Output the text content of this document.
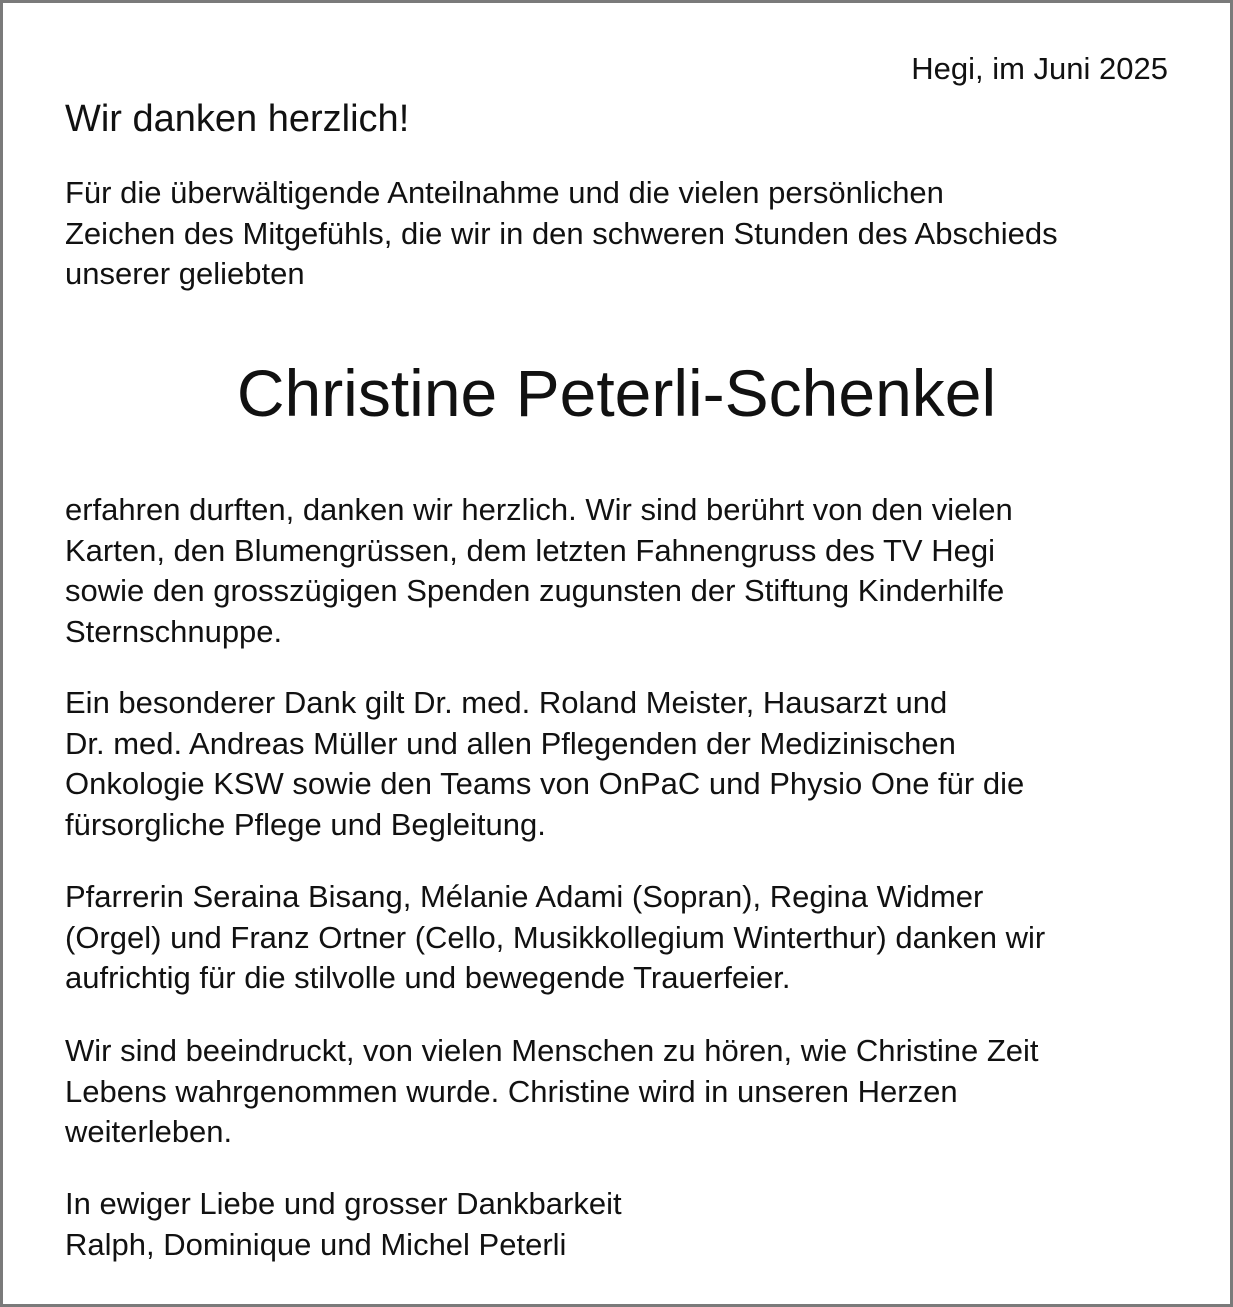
Hegi, im Juni 2025
Wir danken herzlich!
Für die überwältigende Anteilnahme und die vielen persönlichen
Zeichen des Mitgefühls, die wir in den schweren Stunden des Abschieds
unserer geliebten
Christine Peterli-Schenkel
erfahren durften, danken wir herzlich. Wir sind berührt von den vielen
Karten, den Blumengrüssen, dem letzten Fahnengruss des TV Hegi
sowie den grosszügigen Spenden zugunsten der Stiftung Kinderhilfe
Sternschnuppe.
Ein besonderer Dank gilt Dr. med. Roland Meister, Hausarzt und
Dr. med. Andreas Müller und allen Pflegenden der Medizinischen
Onkologie KSW sowie den Teams von OnPaC und Physio One für die
fürsorgliche Pflege und Begleitung.
Pfarrerin Seraina Bisang, Mélanie Adami (Sopran), Regina Widmer
(Orgel) und Franz Ortner (Cello, Musikkollegium Winterthur) danken wir
aufrichtig für die stilvolle und bewegende Trauerfeier.
Wir sind beeindruckt, von vielen Menschen zu hören, wie Christine Zeit
Lebens wahrgenommen wurde. Christine wird in unseren Herzen
weiterleben.
In ewiger Liebe und grosser Dankbarkeit
Ralph, Dominique und Michel Peterli
